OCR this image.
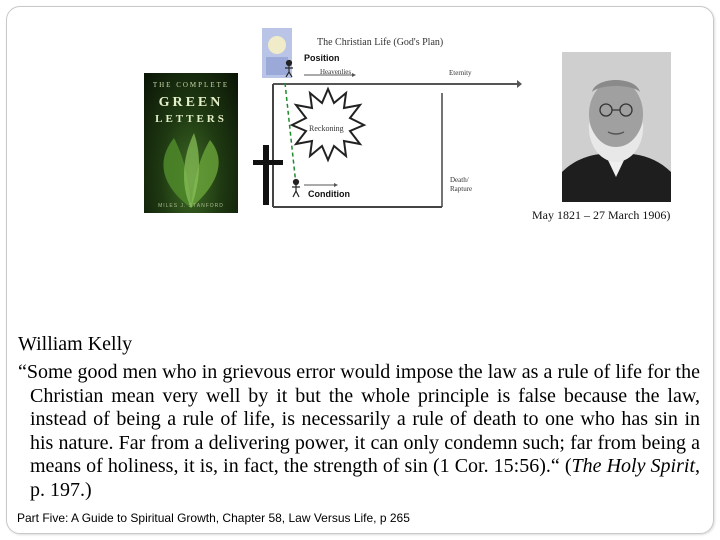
THE COMPLETE
GREEN
LETTERS
MILES J. STANFORD
The Christian Life (God's Plan)
Position
Heavenlies	Eternity
Reckoning
Death/
Rapture
Condition
May 1821 – 27 March 1906)
William Kelly
“Some good men who in grievous error would impose the law as a rule of life for the Christian mean very well by it but the whole principle is false because the law, instead of being a rule of life, is necessarily a rule of death to one who has sin in his nature. Far from a delivering power, it can only condemn such; far from being a means of holiness, it is, in fact, the strength of sin (1 Cor. 15:56).“ (The Holy Spirit, p. 197.)
Part Five: A Guide to Spiritual Growth, Chapter 58, Law Versus Life, p 265
